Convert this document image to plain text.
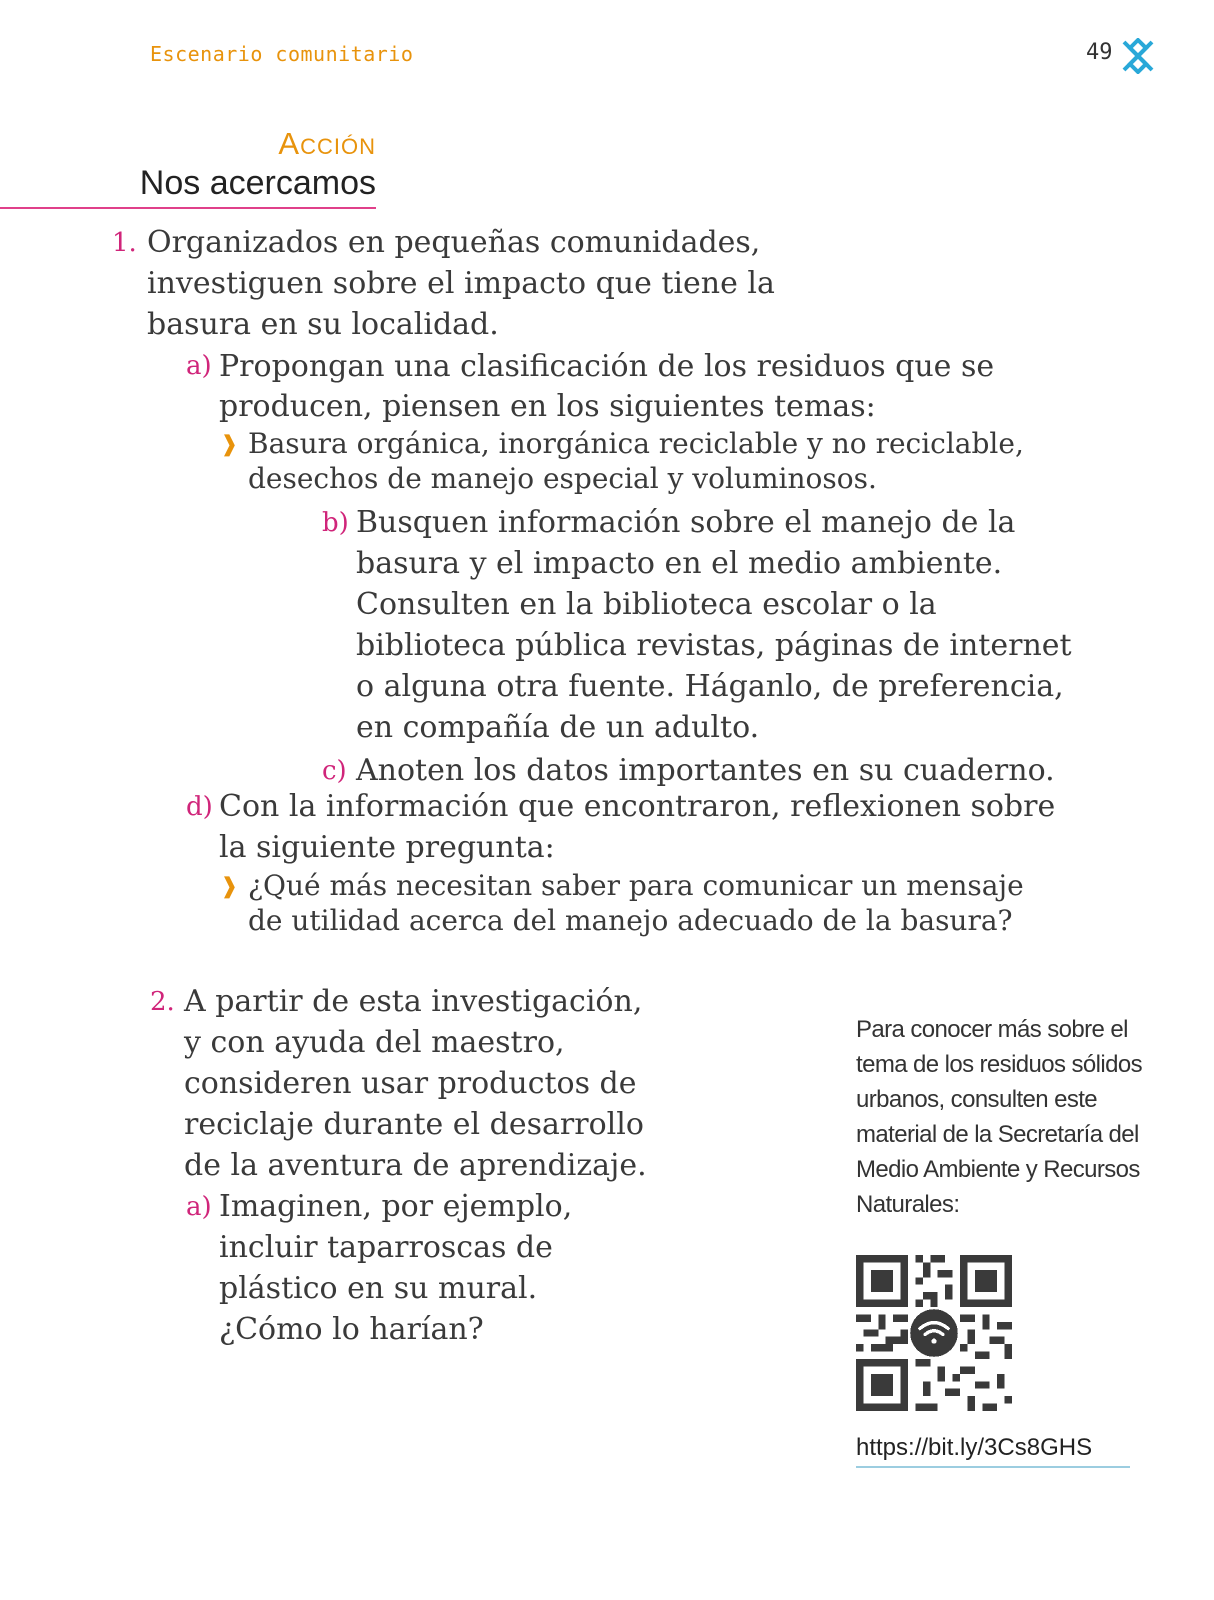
Escenario comunitario	49
Acción
Nos acercamos
1. Organizados en pequeñas comunidades,
investiguen sobre el impacto que tiene la
basura en su localidad.
a) Propongan una clasificación de los residuos que se
producen, piensen en los siguientes temas:
❱ Basura orgánica, inorgánica reciclable y no reciclable,
desechos de manejo especial y voluminosos.
b) Busquen información sobre el manejo de la
basura y el impacto en el medio ambiente.
Consulten en la biblioteca escolar o la
biblioteca pública revistas, páginas de internet
o alguna otra fuente. Háganlo, de preferencia,
en compañía de un adulto.
c) Anoten los datos importantes en su cuaderno.
d) Con la información que encontraron, reflexionen sobre
la siguiente pregunta:
❱ ¿Qué más necesitan saber para comunicar un mensaje
de utilidad acerca del manejo adecuado de la basura?
2. A partir de esta investigación,
y con ayuda del maestro,
consideren usar productos de
reciclaje durante el desarrollo
de la aventura de aprendizaje.
a) Imaginen, por ejemplo,
incluir taparroscas de
plástico en su mural.
¿Cómo lo harían?
Para conocer más sobre el
tema de los residuos sólidos
urbanos, consulten este
material de la Secretaría del
Medio Ambiente y Recursos
Naturales:
https://bit.ly/3Cs8GHS
